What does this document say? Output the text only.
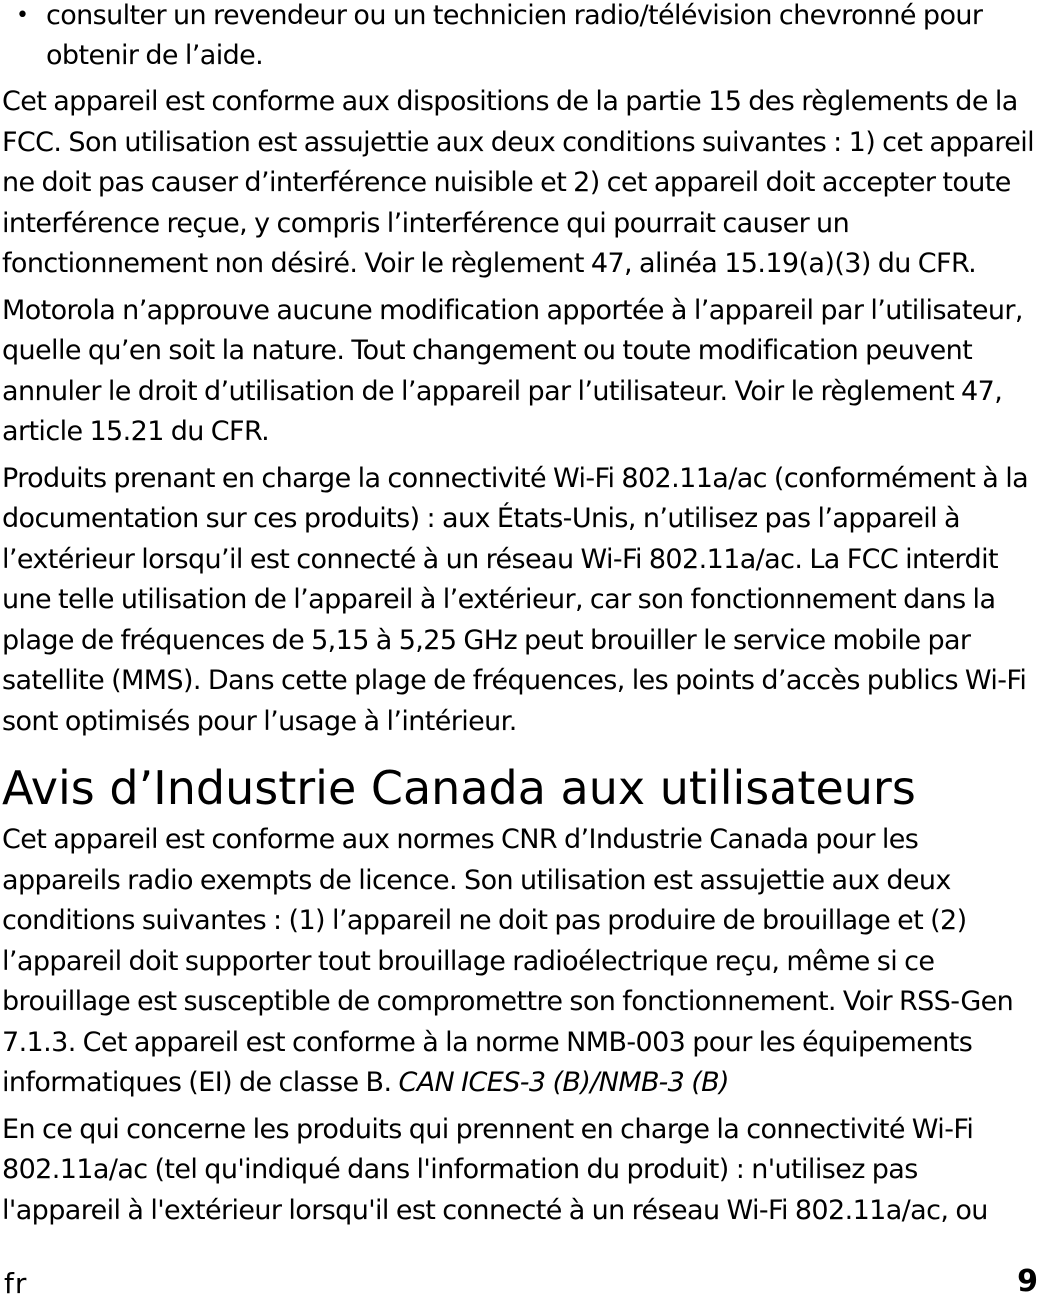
• consulter un revendeur ou un technicien radio/télévision chevronné pour obtenir de l’aide.

Cet appareil est conforme aux dispositions de la partie 15 des règlements de la FCC. Son utilisation est assujettie aux deux conditions suivantes : 1) cet appareil ne doit pas causer d’interférence nuisible et 2) cet appareil doit accepter toute interférence reçue, y compris l’interférence qui pourrait causer un fonctionnement non désiré. Voir le règlement 47, alinéa 15.19(a)(3) du CFR.

Motorola n’approuve aucune modification apportée à l’appareil par l’utilisateur, quelle qu’en soit la nature. Tout changement ou toute modification peuvent annuler le droit d’utilisation de l’appareil par l’utilisateur. Voir le règlement 47, article 15.21 du CFR.

Produits prenant en charge la connectivité Wi-Fi 802.11a/ac (conformément à la documentation sur ces produits) : aux États-Unis, n’utilisez pas l’appareil à l’extérieur lorsqu’il est connecté à un réseau Wi-Fi 802.11a/ac. La FCC interdit une telle utilisation de l’appareil à l’extérieur, car son fonctionnement dans la plage de fréquences de 5,15 à 5,25 GHz peut brouiller le service mobile par satellite (MMS). Dans cette plage de fréquences, les points d’accès publics Wi-Fi sont optimisés pour l’usage à l’intérieur.

Avis d’Industrie Canada aux utilisateurs

Cet appareil est conforme aux normes CNR d’Industrie Canada pour les appareils radio exempts de licence. Son utilisation est assujettie aux deux conditions suivantes : (1) l’appareil ne doit pas produire de brouillage et (2) l’appareil doit supporter tout brouillage radioélectrique reçu, même si ce brouillage est susceptible de compromettre son fonctionnement. Voir RSS-Gen 7.1.3. Cet appareil est conforme à la norme NMB-003 pour les équipements informatiques (EI) de classe B. CAN ICES-3 (B)/NMB-3 (B)

En ce qui concerne les produits qui prennent en charge la connectivité Wi-Fi 802.11a/ac (tel qu'indiqué dans l'information du produit) : n'utilisez pas l'appareil à l'extérieur lorsqu'il est connecté à un réseau Wi-Fi 802.11a/ac, ou

fr	9
